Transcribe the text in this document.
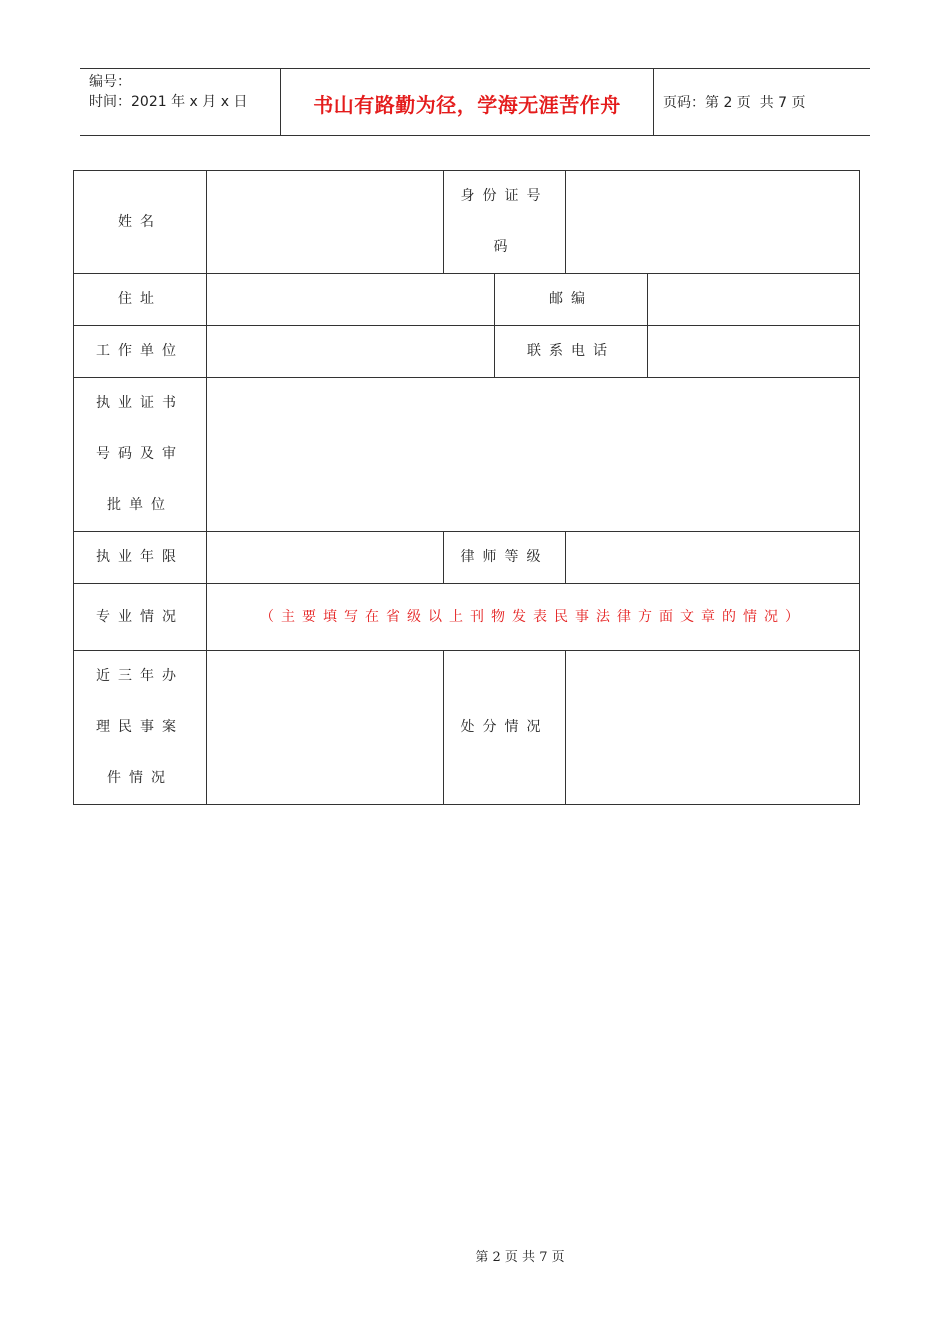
编号：
时间：2021 年 x 月 x 日	书山有路勤为径，学海无涯苦作舟	页码：第 2 页  共 7 页
姓名		身份证号
码			

住址			邮编		
工作单位			联系电话		

执业证书
号码及审
批单位					

执业年限		律师等级			
专业情况	（主要填写在省级以上刊物发表民事法律方面文章的情况）				

近三年办
理民事案
件情况		处分情况			
第 2 页 共 7 页
